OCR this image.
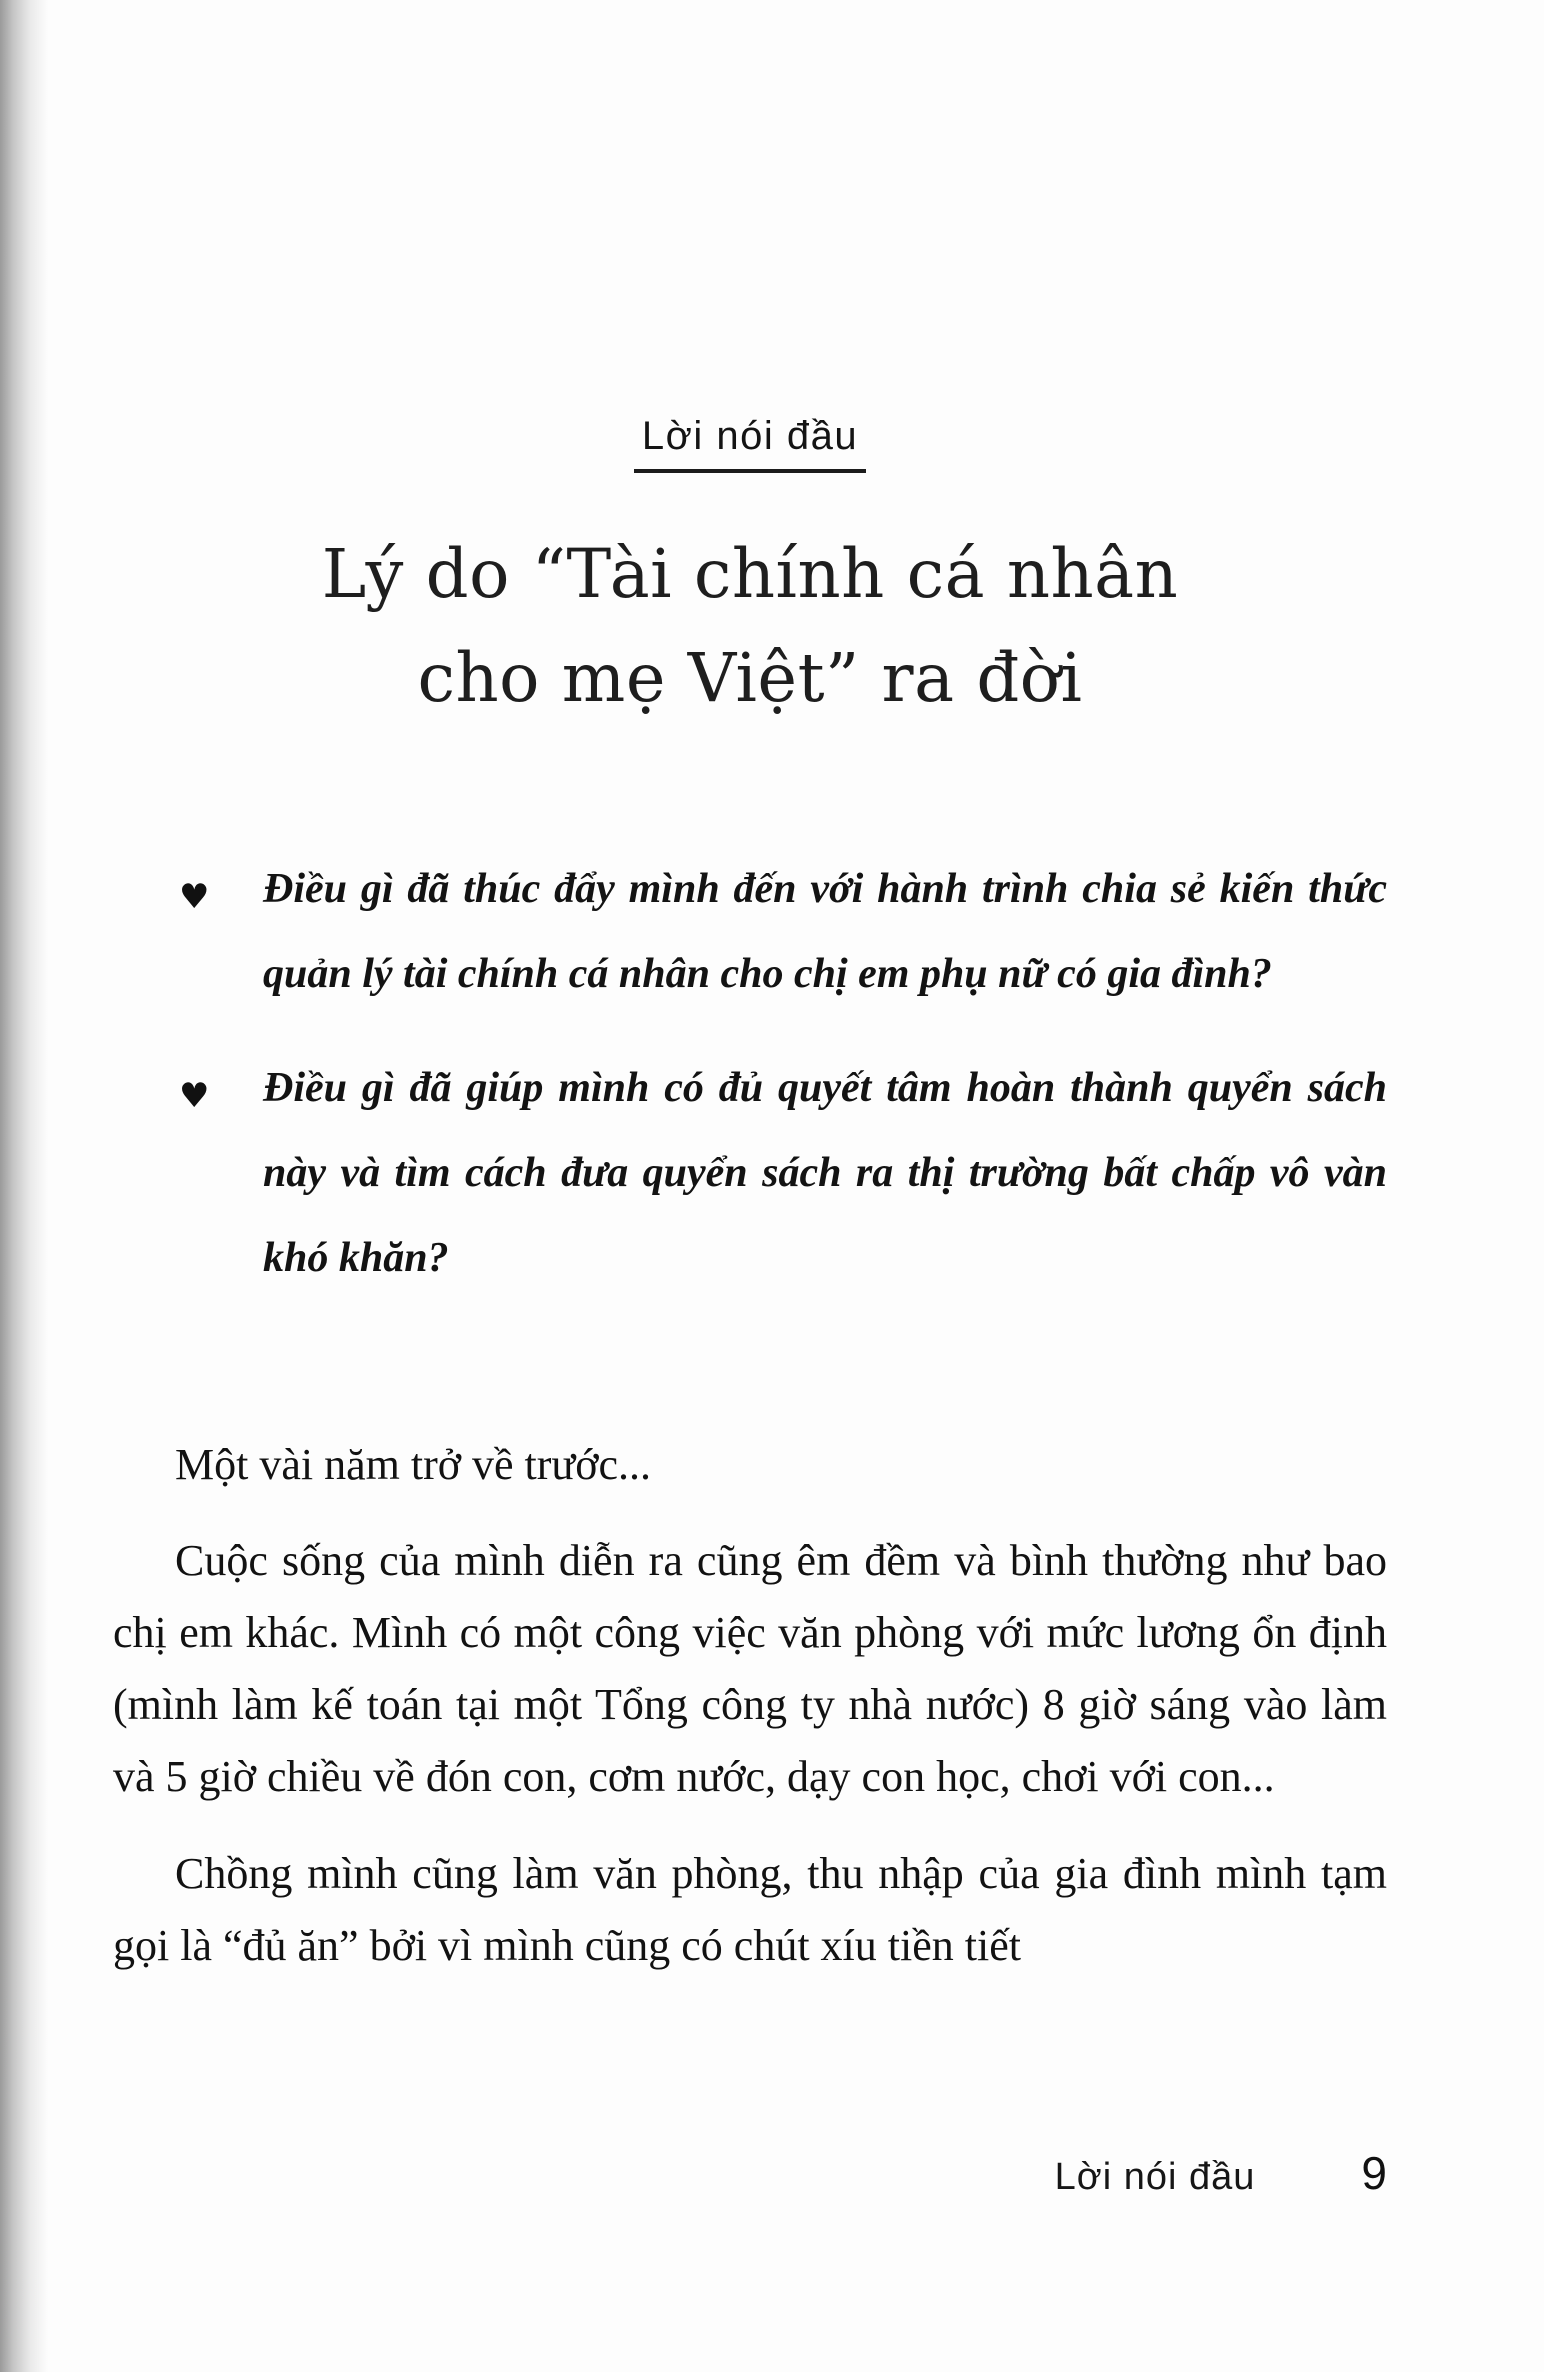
Lời nói đầu
Lý do “Tài chính cá nhân
cho mẹ Việt” ra đời
♥ Điều gì đã thúc đẩy mình đến với hành trình chia sẻ kiến thức quản lý tài chính cá nhân cho chị em phụ nữ có gia đình?
♥ Điều gì đã giúp mình có đủ quyết tâm hoàn thành quyển sách này và tìm cách đưa quyển sách ra thị trường bất chấp vô vàn khó khăn?

Một vài năm trở về trước...

Cuộc sống của mình diễn ra cũng êm đềm và bình thường như bao chị em khác. Mình có một công việc văn phòng với mức lương ổn định (mình làm kế toán tại một Tổng công ty nhà nước) 8 giờ sáng vào làm và 5 giờ chiều về đón con, cơm nước, dạy con học, chơi với con...

Chồng mình cũng làm văn phòng, thu nhập của gia đình mình tạm gọi là “đủ ăn” bởi vì mình cũng có chút xíu tiền tiết

Lời nói đầu 9
